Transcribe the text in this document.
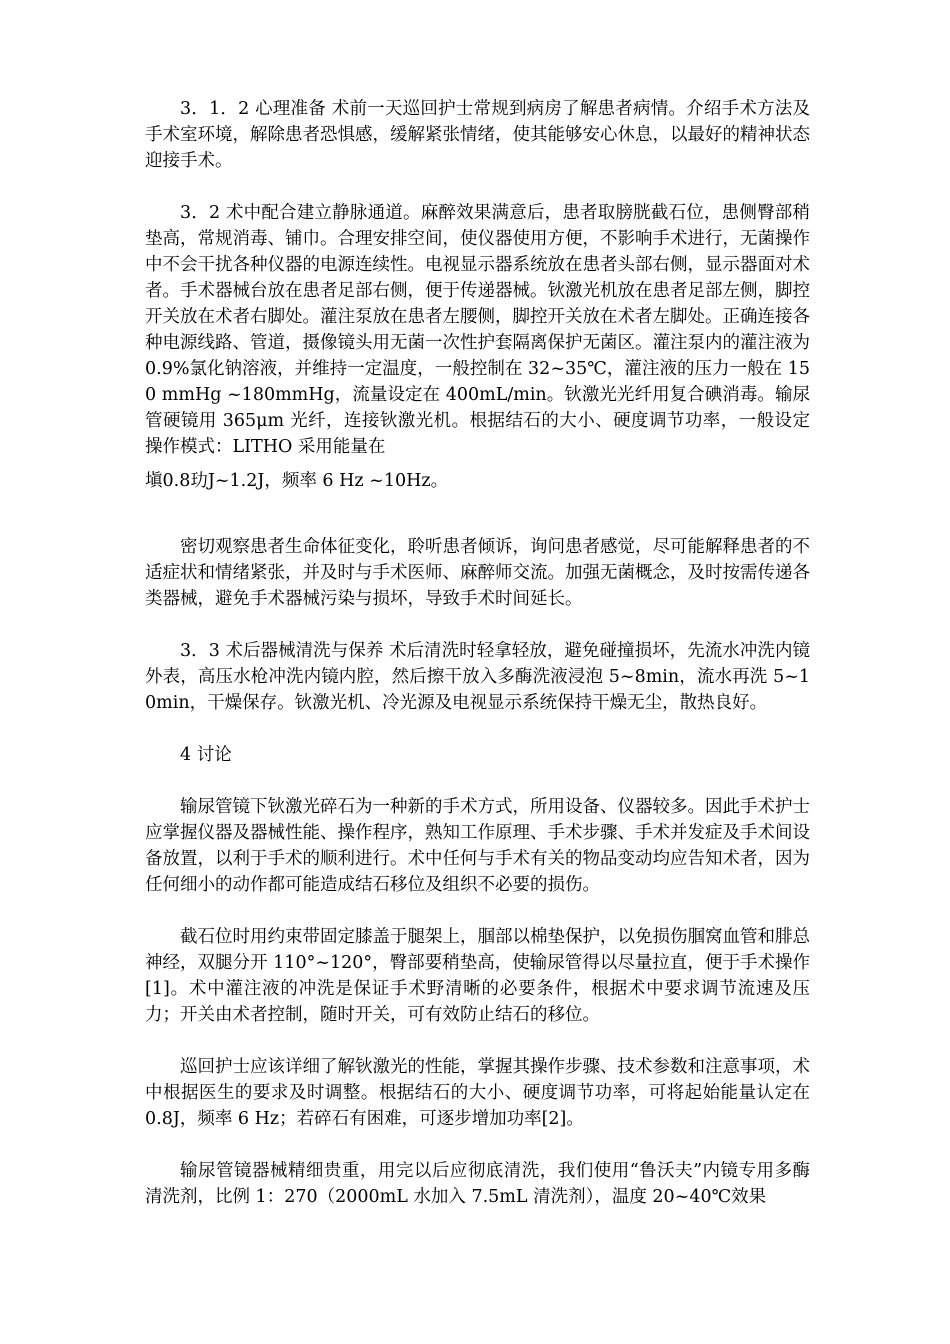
3．1．2 心理准备 术前一天巡回护士常规到病房了解患者病情。介绍手术方法及手术室环境，解除患者恐惧感，缓解紧张情绪，使其能够安心休息，以最好的精神状态迎接手术。

3．2 术中配合建立静脉通道。麻醉效果满意后，患者取膀胱截石位，患侧臀部稍垫高，常规消毒、铺巾。合理安排空间，使仪器使用方便，不影响手术进行，无菌操作中不会干扰各种仪器的电源连续性。电视显示器系统放在患者头部右侧，显示器面对术者。手术器械台放在患者足部右侧，便于传递器械。钬激光机放在患者足部左侧，脚控开关放在术者右脚处。灌注泵放在患者左腰侧，脚控开关放在术者左脚处。正确连接各种电源线路、管道，摄像镜头用无菌一次性护套隔离保护无菌区。灌注泵内的灌注液为 0.9%氯化钠溶液，并维持一定温度，一般控制在 32~35℃，灌注液的压力一般在 150 mmHg ~180mmHg，流量设定在 400mL/min。钬激光光纤用复合碘消毒。输尿管硬镜用 365μm 光纤，连接钬激光机。根据结石的大小、硬度调节功率，一般设定操作模式：LITHO 采用能量在
塡0.8玏J~1.2J，频率 6 Hz ~10Hz。

密切观察患者生命体征变化，聆听患者倾诉，询问患者感觉，尽可能解释患者的不适症状和情绪紧张，并及时与手术医师、麻醉师交流。加强无菌概念，及时按需传递各类器械，避免手术器械污染与损坏，导致手术时间延长。

3．3 术后器械清洗与保养 术后清洗时轻拿轻放，避免碰撞损坏，先流水冲洗内镜外表，高压水枪冲洗内镜内腔，然后擦干放入多酶洗液浸泡 5~8min，流水再洗 5~10min，干燥保存。钬激光机、冷光源及电视显示系统保持干燥无尘，散热良好。

4 讨论

输尿管镜下钬激光碎石为一种新的手术方式，所用设备、仪器较多。因此手术护士应掌握仪器及器械性能、操作程序，熟知工作原理、手术步骤、手术并发症及手术间设备放置，以利于手术的顺利进行。术中任何与手术有关的物品变动均应告知术者，因为任何细小的动作都可能造成结石移位及组织不必要的损伤。

截石位时用约束带固定膝盖于腿架上，腘部以棉垫保护，以免损伤腘窝血管和腓总神经，双腿分开 110°~120°，臀部要稍垫高，使输尿管得以尽量拉直，便于手术操作[1]。术中灌注液的冲洗是保证手术野清晰的必要条件，根据术中要求调节流速及压力；开关由术者控制，随时开关，可有效防止结石的移位。

巡回护士应该详细了解钬激光的性能，掌握其操作步骤、技术参数和注意事项，术中根据医生的要求及时调整。根据结石的大小、硬度调节功率，可将起始能量认定在 0.8J，频率 6 Hz；若碎石有困难，可逐步增加功率[2]。

输尿管镜器械精细贵重，用完以后应彻底清洗，我们使用“鲁沃夫”内镜专用多酶清洗剂，比例 1：270（2000mL 水加入 7.5mL 清洗剂），温度 20~40℃效果
